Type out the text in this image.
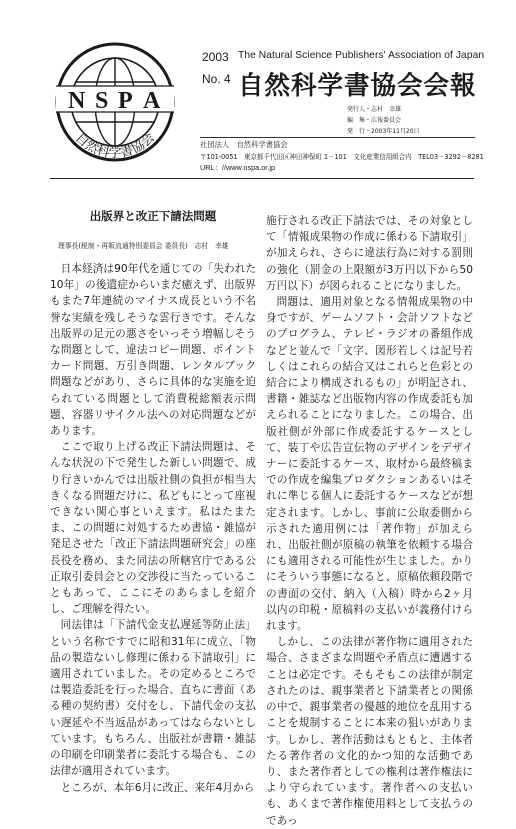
N S P A
自然科学書協会
2003
No. 4
The Natural Science Publishers' Association of Japan
自然科学書協会会報
発行人・志村　幸雄
編　集・広報委員会
発　行・2003年11月20日
社団法人　自然科学書協会
〒101-0051　東京都千代田区神田神保町 1－101　文化産業信用組合内　TEL03－3292－8281
URL：//www.nspa.or.jp
出版界と改正下請法問題
理事長(税制・再販流通特別委員会 委員長)　志村　幸雄

日本経済は90年代を通じての「失われた10年」の後遺症からいまだ癒えず、出版界もまた7年連続のマイナス成長という不名誉な実績を残しそうな雲行きです。そんな出版界の足元の悪さをいっそう増幅しそうな問題として、違法コピー問題、ポイントカード問題、万引き問題、レンタルブック問題などがあり、さらに具体的な実施を迫られている問題として消費税総額表示問題、容器リサイクル法への対応問題などがあります。

ここで取り上げる改正下請法問題は、そんな状況の下で発生した新しい問題で、成り行きいかんでは出版社側の負担が相当大きくなる問題だけに、私どもにとって座視できない関心事といえます。私はたまたま、この問題に対処するため書協・雑協が発足させた「改正下請法問題研究会」の座長役を務め、また同法の所轄官庁である公正取引委員会との交渉役に当たっていることもあって、ここにそのあらましを紹介し、ご理解を得たい。

同法律は「下請代金支払遅延等防止法」という名称ですでに昭和31年に成立、「物品の製造ないし修理に係わる下請取引」に適用されていました。その定めるところでは製造委託を行った場合、直ちに書面（ある種の契約書）交付をし、下請代金の支払い遅延や不当返品があってはならないとしています。もちろん、出版社が書籍・雑誌の印刷を印刷業者に委託する場合も、この法律が適用されています。

ところが、本年6月に改正、来年4月から

施行される改正下請法では、その対象として「情報成果物の作成に係わる下請取引」が加えられ、さらに違法行為に対する罰則の強化（罰金の上限額が3万円以下から50万円以下）が図られることになりました。

問題は、適用対象となる情報成果物の中身ですが、ゲームソフト・会計ソフトなどのプログラム、テレビ・ラジオの番組作成などと並んで「文字、図形若しくは記号若しくはこれらの結合又はこれらと色彩との結合により構成されるもの」が明記され、書籍・雑誌など出版物内容の作成委託も加えられることになりました。この場合、出版社側が外部に作成委託するケースとして、装丁や広告宣伝物のデザインをデザイナーに委託するケース、取材から最終稿までの作成を編集プロダクションあるいはそれに準じる個人に委託するケースなどが想定されます。しかし、事前に公取委側から示された適用例には「著作物」が加えられ、出版社側が原稿の執筆を依頼する場合にも適用される可能性が生じました。かりにそういう事態になると、原稿依頼段階での書面の交付、納入（入稿）時から2ヶ月以内の印税・原稿料の支払いが義務付けられます。

しかし、この法律が著作物に適用された場合、さまざまな問題や矛盾点に遭遇することは必定です。そもそもこの法律が制定されたのは、親事業者と下請業者との関係の中で、親事業者の優越的地位を乱用することを規制することに本来の狙いがあります。しかし、著作活動はもともと、主体者たる著作者の文化的かつ知的な活動であり、また著作者としての権利は著作権法により守られています。著作者への支払いも、あくまで著作権使用料として支払うのであっ
